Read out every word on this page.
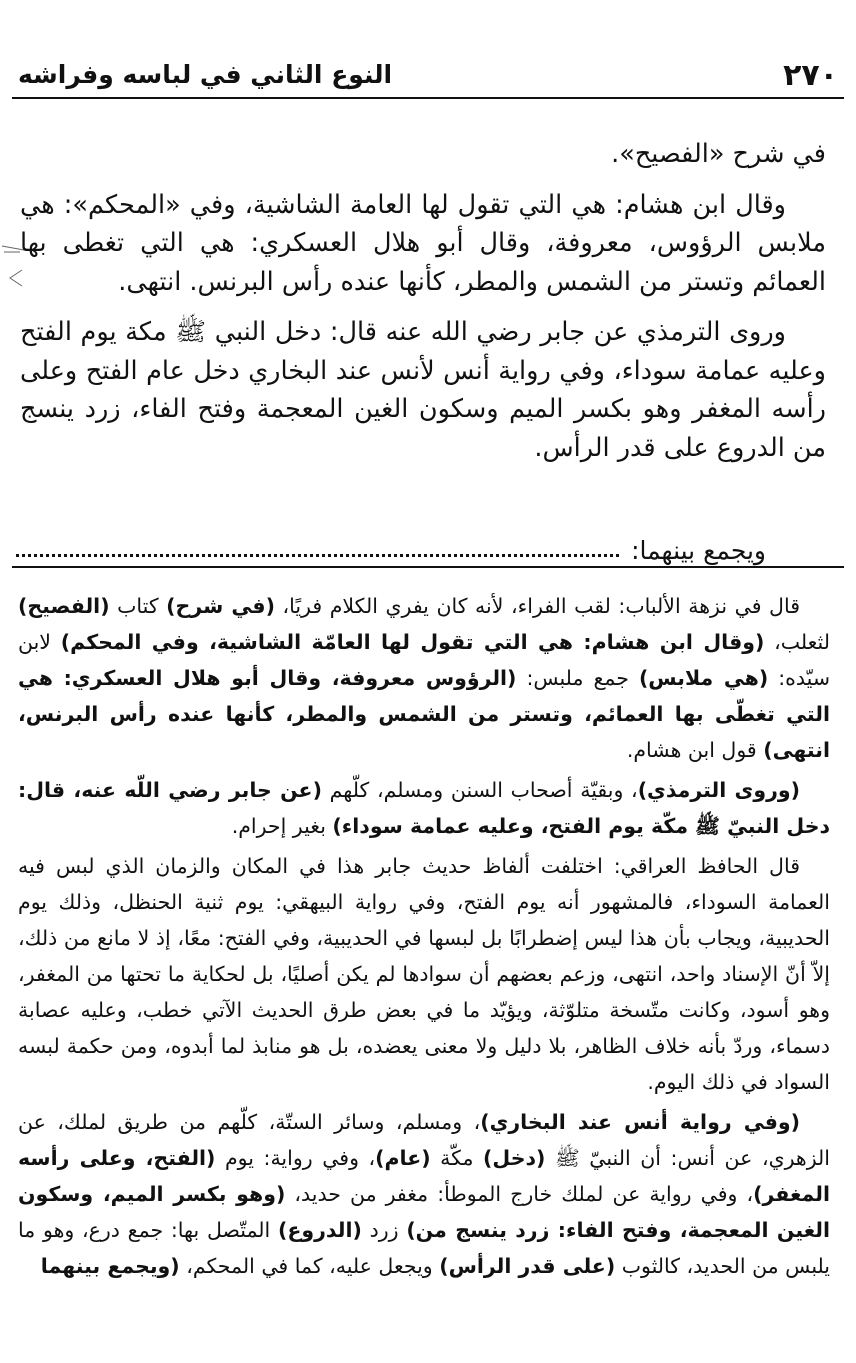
٢٧٠
النوع الثاني في لباسه وفراشه

في شرح «الفصيح».

وقال ابن هشام: هي التي تقول لها العامة الشاشية، وفي «المحكم»: هي ملابس الرؤوس، معروفة، وقال أبو هلال العسكري: هي التي تغطى بها العمائم وتستر من الشمس والمطر، كأنها عنده رأس البرنس. انتهى.

وروى الترمذي عن جابر رضي الله عنه قال: دخل النبي ﷺ مكة يوم الفتح وعليه عمامة سوداء، وفي رواية أنس لأنس عند البخاري دخل عام الفتح وعلى رأسه المغفر وهو بكسر الميم وسكون الغين المعجمة وفتح الفاء، زرد ينسج من الدروع على قدر الرأس.

ويجمع بينهما:

قال في نزهة الألباب: لقب الفراء، لأنه كان يفري الكلام فريًا، (في شرح) كتاب (الفصيح) لثعلب، (وقال ابن هشام: هي التي تقول لها العامّة الشاشية، وفي المحكم) لابن سيّده: (هي ملابس) جمع ملبس: (الرؤوس معروفة، وقال أبو هلال العسكري: هي التي تغطّى بها العمائم، وتستر من الشمس والمطر، كأنها عنده رأس البرنس، انتهى) قول ابن هشام.

(وروى الترمذي)، وبقيّة أصحاب السنن ومسلم، كلّهم (عن جابر رضي اللّه عنه، قال: دخل النبيّ ﷺ مكّة يوم الفتح، وعليه عمامة سوداء) بغير إحرام.

قال الحافظ العراقي: اختلفت ألفاظ حديث جابر هذا في المكان والزمان الذي لبس فيه العمامة السوداء، فالمشهور أنه يوم الفتح، وفي رواية البيهقي: يوم ثنية الحنظل، وذلك يوم الحديبية، ويجاب بأن هذا ليس إضطرابًا بل لبسها في الحديبية، وفي الفتح: معًا، إذ لا مانع من ذلك، إلاّ أنّ الإسناد واحد، انتهى، وزعم بعضهم أن سوادها لم يكن أصليًا، بل لحكاية ما تحتها من المغفر، وهو أسود، وكانت متّسخة متلوّثة، ويؤيّد ما في بعض طرق الحديث الآتي خطب، وعليه عصابة دسماء، وردّ بأنه خلاف الظاهر، بلا دليل ولا معنى يعضده، بل هو منابذ لما أبدوه، ومن حكمة لبسه السواد في ذلك اليوم.

(وفي رواية أنس عند البخاري)، ومسلم، وسائر الستّة، كلّهم من طريق لملك، عن الزهري، عن أنس: أن النبيّ ﷺ (دخل) مكّة (عام)، وفي رواية: يوم (الفتح، وعلى رأسه المغفر)، وفي رواية عن لملك خارج الموطأ: مغفر من حديد، (وهو بكسر الميم، وسكون الغين المعجمة، وفتح الفاء: زرد ينسج من) زرد (الدروع) المتّصل بها: جمع درع، وهو ما يلبس من الحديد، كالثوب (على قدر الرأس) ويجعل عليه، كما في المحكم، (ويجمع بينهما
